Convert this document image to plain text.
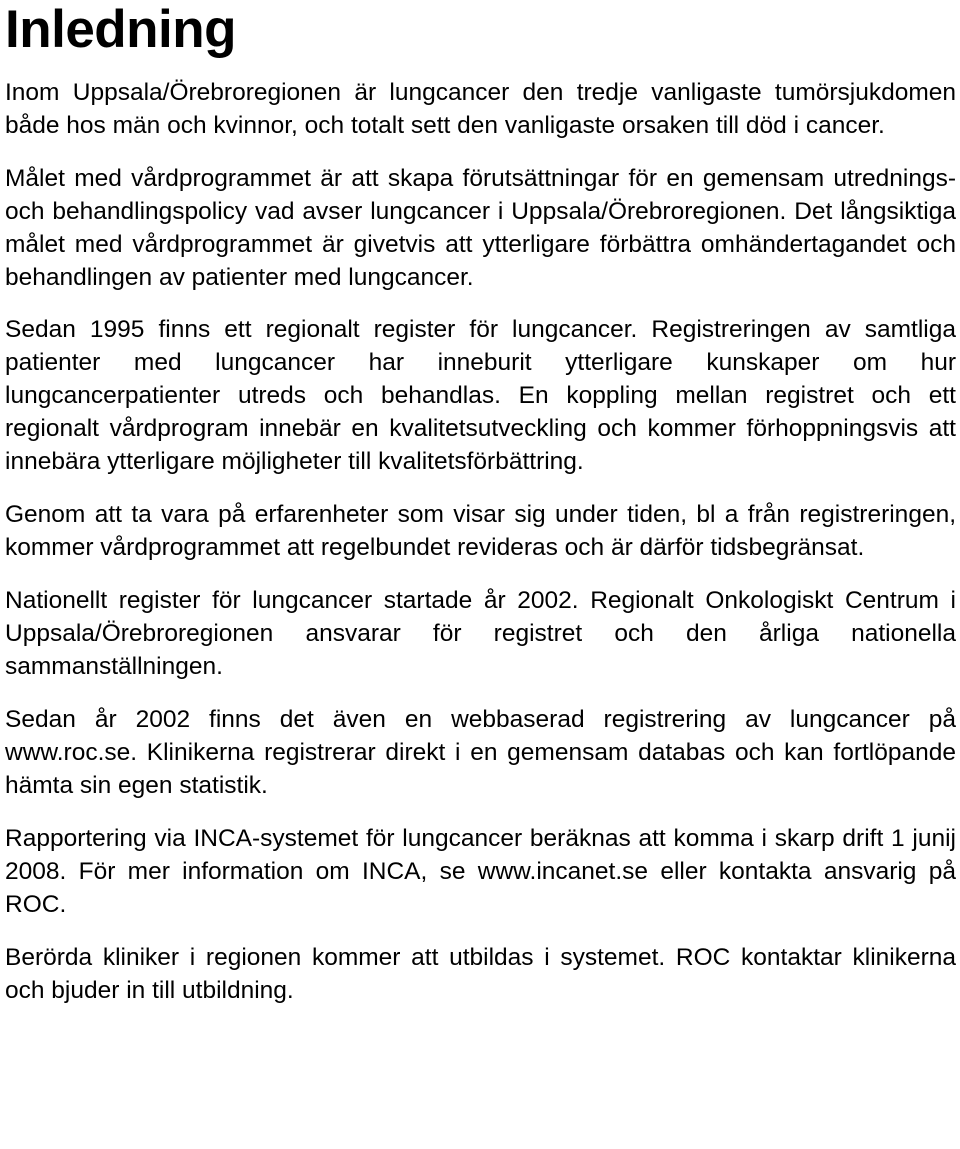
Inledning

Inom Uppsala/Örebroregionen är lungcancer den tredje vanligaste tumörsjukdomen både hos män och kvinnor, och totalt sett den vanligaste orsaken till död i cancer.

Målet med vårdprogrammet är att skapa förutsättningar för en gemensam utrednings- och behandlingspolicy vad avser lungcancer i Uppsala/Örebroregionen. Det långsiktiga målet med vårdprogrammet är givetvis att ytterligare förbättra omhändertagandet och behandlingen av patienter med lungcancer.

Sedan 1995 finns ett regionalt register för lungcancer. Registreringen av samtliga patienter med lungcancer har inneburit ytterligare kunskaper om hur lungcancerpatienter utreds och behandlas. En koppling mellan registret och ett regionalt vårdprogram innebär en kvalitetsutveckling och kommer förhoppningsvis att innebära ytterligare möjligheter till kvalitetsförbättring.

Genom att ta vara på erfarenheter som visar sig under tiden, bl a från registreringen, kommer vårdprogrammet att regelbundet revideras och är därför tidsbegränsat.

Nationellt register för lungcancer startade år 2002. Regionalt Onkologiskt Centrum i Uppsala/Örebroregionen ansvarar för registret och den årliga nationella sammanställningen.

Sedan år 2002 finns det även en webbaserad registrering av lungcancer på www.roc.se. Klinikerna registrerar direkt i en gemensam databas och kan fortlöpande hämta sin egen statistik.

Rapportering via INCA-systemet för lungcancer beräknas att komma i skarp drift 1 junij 2008. För mer information om INCA, se www.incanet.se eller kontakta ansvarig på ROC.

Berörda kliniker i regionen kommer att utbildas i systemet. ROC kontaktar klinikerna och bjuder in till utbildning.
